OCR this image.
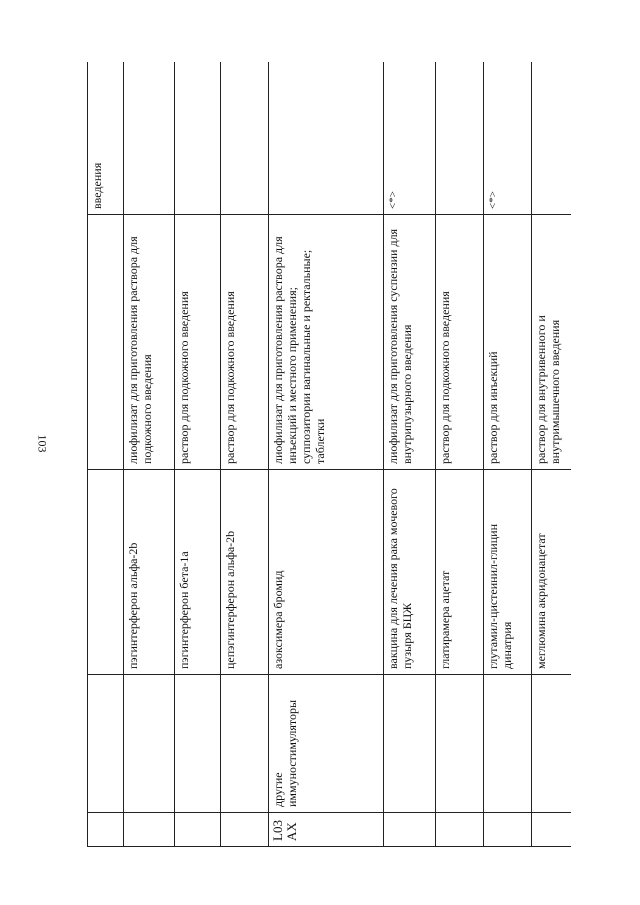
103
				введения
		пэгинтерферон альфа-2b	лиофилизат для приготовления раствора для подкожного введения	
		пэгинтерферон бета-1а	раствор для подкожного введения	
		цепэгинтерферон альфа-2b	раствор для подкожного введения	
L03AX	другие иммуностимуляторы	азоксимера бромид	лиофилизат для приготовления раствора для инъекций и местного применения; суппозитории вагинальные и ректальные; таблетки	
		вакцина для лечения рака мочевого пузыря БЦЖ	лиофилизат для приготовления суспензии для внутрипузырного введения	<*>
		глатирамера ацетат	раствор для подкожного введения	
		глутамил-цистеинил-глицин динатрия	раствор для инъекций	<*>
		меглюмина акридонацетат	раствор для внутривенного и внутримышечного введения	
